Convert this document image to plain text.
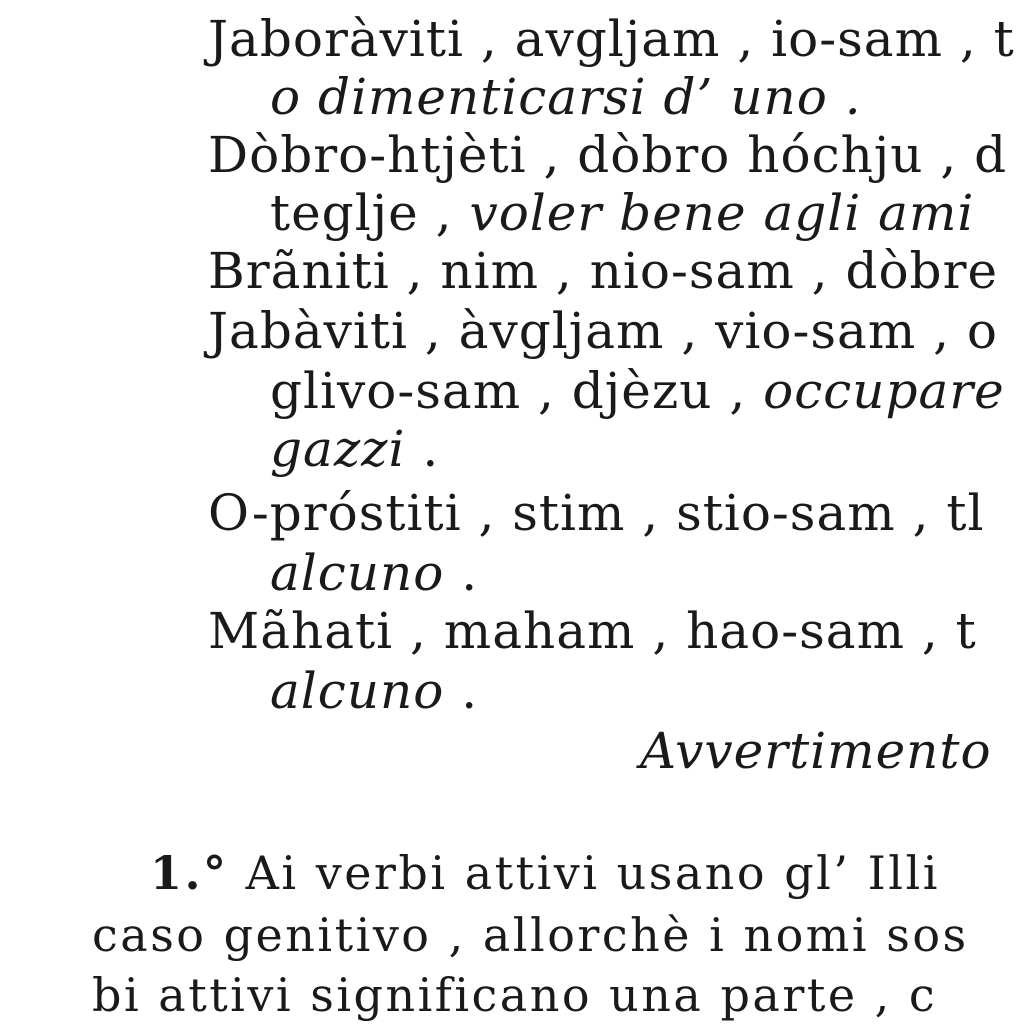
Jaboràviti , avgljam , io-sam , t
o dimenticarsi d’ uno .
Dòbro-htjèti , dòbro hóchju , d
teglje , voler bene agli ami
Brãniti , nim , nio-sam , dòbre
Jabàviti , àvgljam , vio-sam , o
glivo-sam , djèzu , occupare
gazzi .
O-próstiti , stim , stio-sam , tl
alcuno .
Mãhati , maham , hao-sam , t
alcuno .
Avvertimento
1.° Ai verbi attivi usano gl’ Illi
caso genitivo , allorchè i nomi sos
bi attivi significano una parte , c
